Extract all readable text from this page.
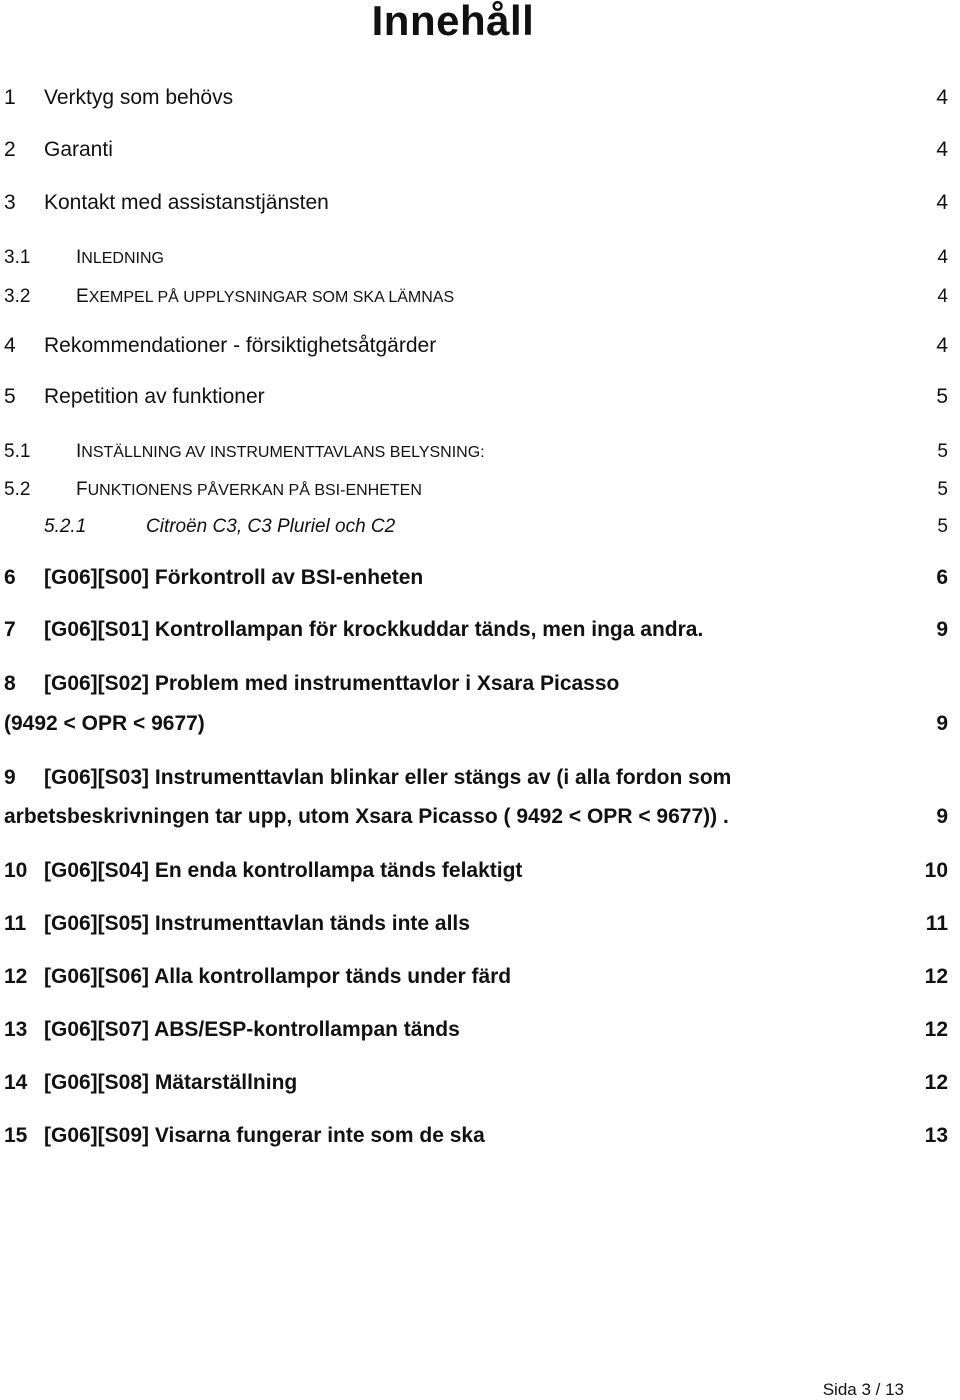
Innehåll
1 Verktyg som behövs	4
2 Garanti	4
3 Kontakt med assistanstjänsten	4
3.1 INLEDNING	4
3.2 EXEMPEL PÅ UPPLYSNINGAR SOM SKA LÄMNAS	4
4 Rekommendationer - försiktighetsåtgärder	4
5 Repetition av funktioner	5
5.1 INSTÄLLNING AV INSTRUMENTTAVLANS BELYSNING:	5
5.2 FUNKTIONENS PÅVERKAN PÅ BSI-ENHETEN	5
5.2.1	Citroën C3, C3 Pluriel och C2	5
6 [G06][S00] Förkontroll av BSI-enheten	6
7 [G06][S01] Kontrollampan för krockkuddar tänds, men inga andra.	9
8 [G06][S02] Problem med instrumenttavlor i Xsara Picasso
(9492 < OPR < 9677)	9
9 [G06][S03] Instrumenttavlan blinkar eller stängs av (i alla fordon som
arbetsbeskrivningen tar upp, utom Xsara Picasso ( 9492 < OPR < 9677)) .	9
10 [G06][S04] En enda kontrollampa tänds felaktigt	10
11 [G06][S05] Instrumenttavlan tänds inte alls	11
12 [G06][S06] Alla kontrollampor tänds under färd	12
13 [G06][S07] ABS/ESP-kontrollampan tänds	12
14 [G06][S08] Mätarställning	12
15 [G06][S09] Visarna fungerar inte som de ska	13
Sida 3 / 13
